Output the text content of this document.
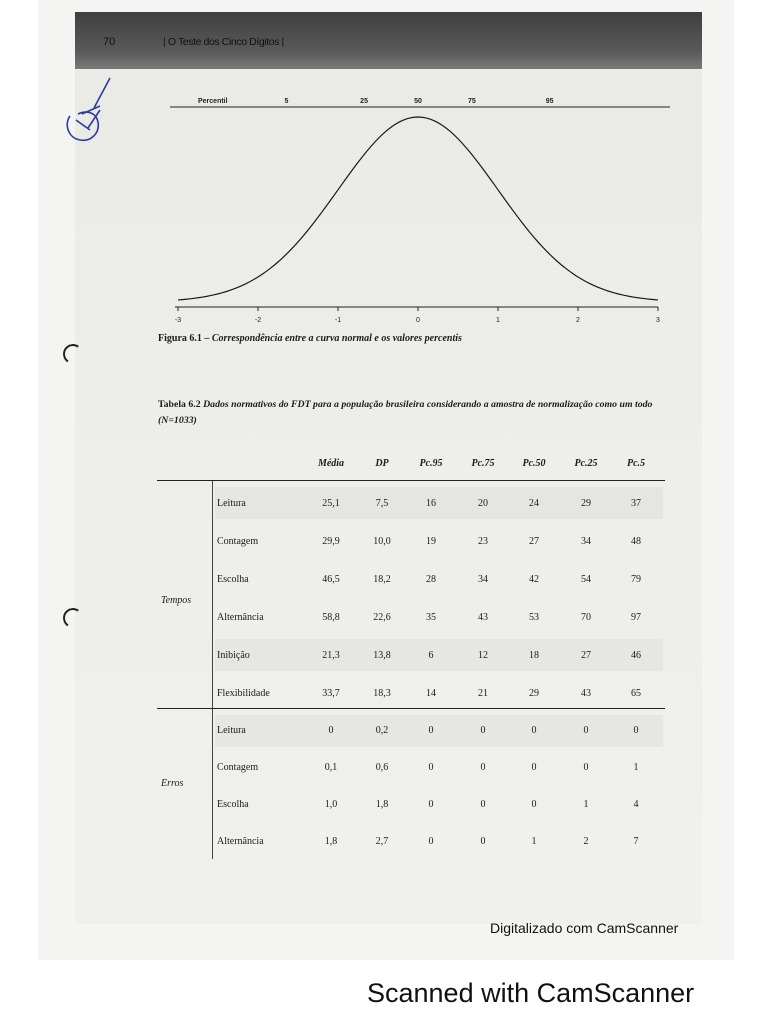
70	| O Teste dos Cinco Dígitos |
Percentil	5	25	50	75	95
-3	-2	-1	0	1	2	3
Figura 6.1 – Correspondência entre a curva normal e os valores percentis
Tabela 6.2 Dados normativos do FDT para a população brasileira considerando a amostra de normalização como um todo (N=1033)
Média	DP	Pc.95	Pc.75	Pc.50	Pc.25	Pc.5
Tempos
Leitura	25,1	7,5	16	20	24	29	37
Contagem	29,9	10,0	19	23	27	34	48
Escolha	46,5	18,2	28	34	42	54	79
Alternância	58,8	22,6	35	43	53	70	97
Inibição	21,3	13,8	6	12	18	27	46
Flexibilidade	33,7	18,3	14	21	29	43	65
Erros
Leitura	0	0,2	0	0	0	0	0
Contagem	0,1	0,6	0	0	0	0	1
Escolha	1,0	1,8	0	0	0	1	4
Alternância	1,8	2,7	0	0	1	2	7
Digitalizado com CamScanner
Scanned with CamScanner
